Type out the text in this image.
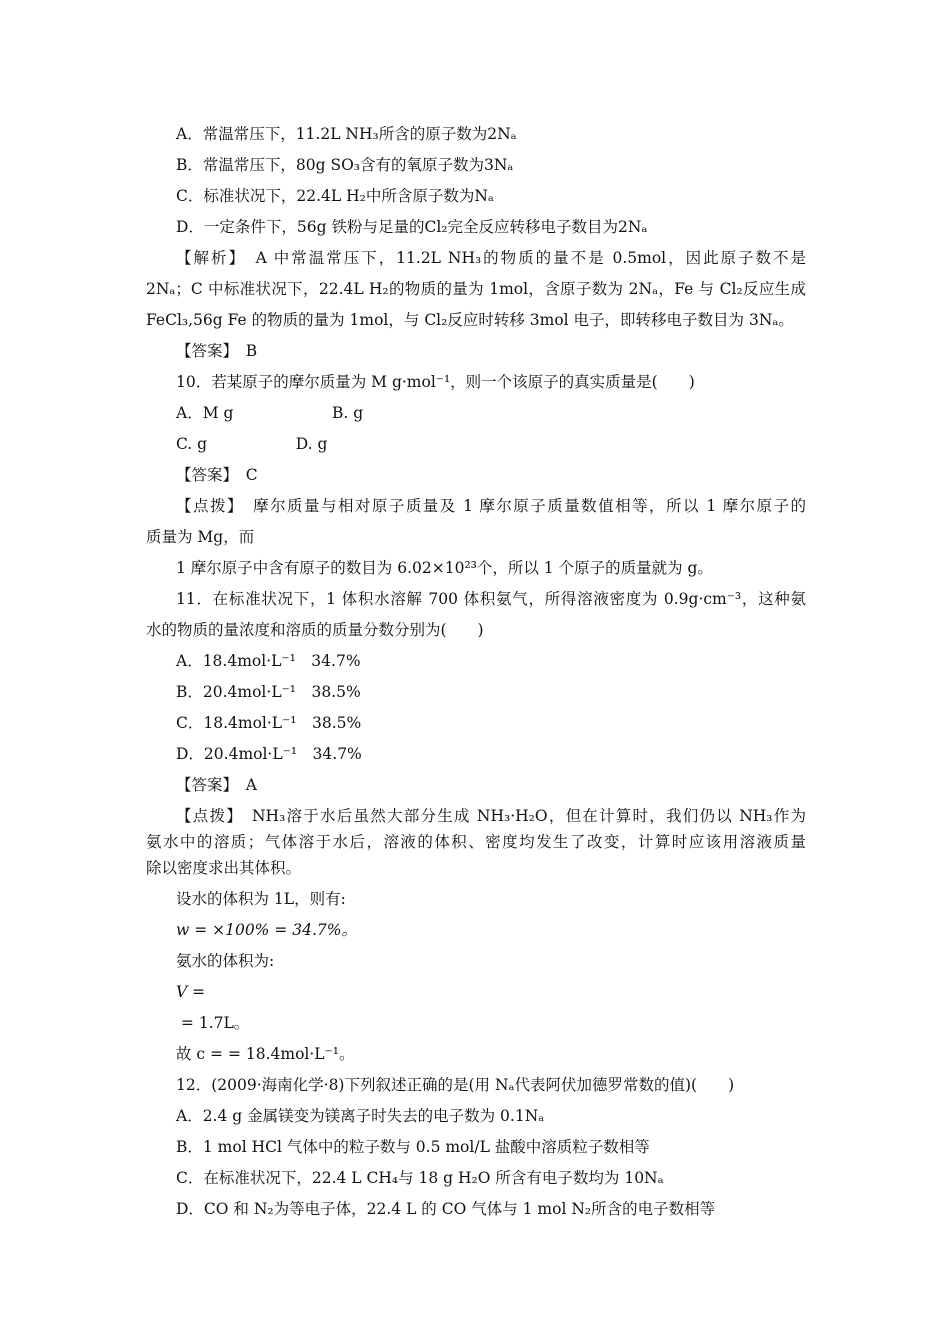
A．常温常压下，11.2L NH₃所含的原子数为2Nₐ
B．常温常压下，80g SO₃含有的氧原子数为3Nₐ
C．标准状况下，22.4L H₂中所含原子数为Nₐ
D．一定条件下，56g 铁粉与足量的Cl₂完全反应转移电子数目为2Nₐ
【解析】　A 中常温常压下，11.2L NH₃的物质的量不是 0.5mol，因此原子数不是
2Nₐ；C 中标准状况下，22.4L H₂的物质的量为 1mol，含原子数为 2Nₐ，Fe 与 Cl₂反应生成
FeCl₃,56g Fe 的物质的量为 1mol，与 Cl₂反应时转移 3mol 电子，即转移电子数目为 3Nₐ。
【答案】　B
10．若某原子的摩尔质量为 M g·mol⁻¹，则一个该原子的真实质量是(　　)
A．M g                    B. g
C. g                  D. g
【答案】　C
【点拨】　摩尔质量与相对原子质量及 1 摩尔原子质量数值相等，所以 1 摩尔原子的
质量为 Mg，而
1 摩尔原子中含有原子的数目为 6.02×10²³个，所以 1 个原子的质量就为 g。
11．在标准状况下，1 体积水溶解 700 体积氨气，所得溶液密度为 0.9g·cm⁻³，这种氨
水的物质的量浓度和溶质的质量分数分别为(　　)
A．18.4mol·L⁻¹　34.7%
B．20.4mol·L⁻¹　38.5%
C．18.4mol·L⁻¹　38.5%
D．20.4mol·L⁻¹　34.7%
【答案】　A
【点拨】　NH₃溶于水后虽然大部分生成 NH₃·H₂O，但在计算时，我们仍以 NH₃作为
氨水中的溶质；气体溶于水后，溶液的体积、密度均发生了改变，计算时应该用溶液质量
除以密度求出其体积。
设水的体积为 1L，则有:
w = ×100% = 34.7%。
氨水的体积为:
V =
= 1.7L。
故 c = = 18.4mol·L⁻¹。
12．(2009·海南化学·8)下列叙述正确的是(用 Nₐ代表阿伏加德罗常数的值)(　　)
A．2.4 g 金属镁变为镁离子时失去的电子数为 0.1Nₐ
B．1 mol HCl 气体中的粒子数与 0.5 mol/L 盐酸中溶质粒子数相等
C．在标准状况下，22.4 L CH₄与 18 g H₂O 所含有电子数均为 10Nₐ
D．CO 和 N₂为等电子体，22.4 L 的 CO 气体与 1 mol N₂所含的电子数相等
